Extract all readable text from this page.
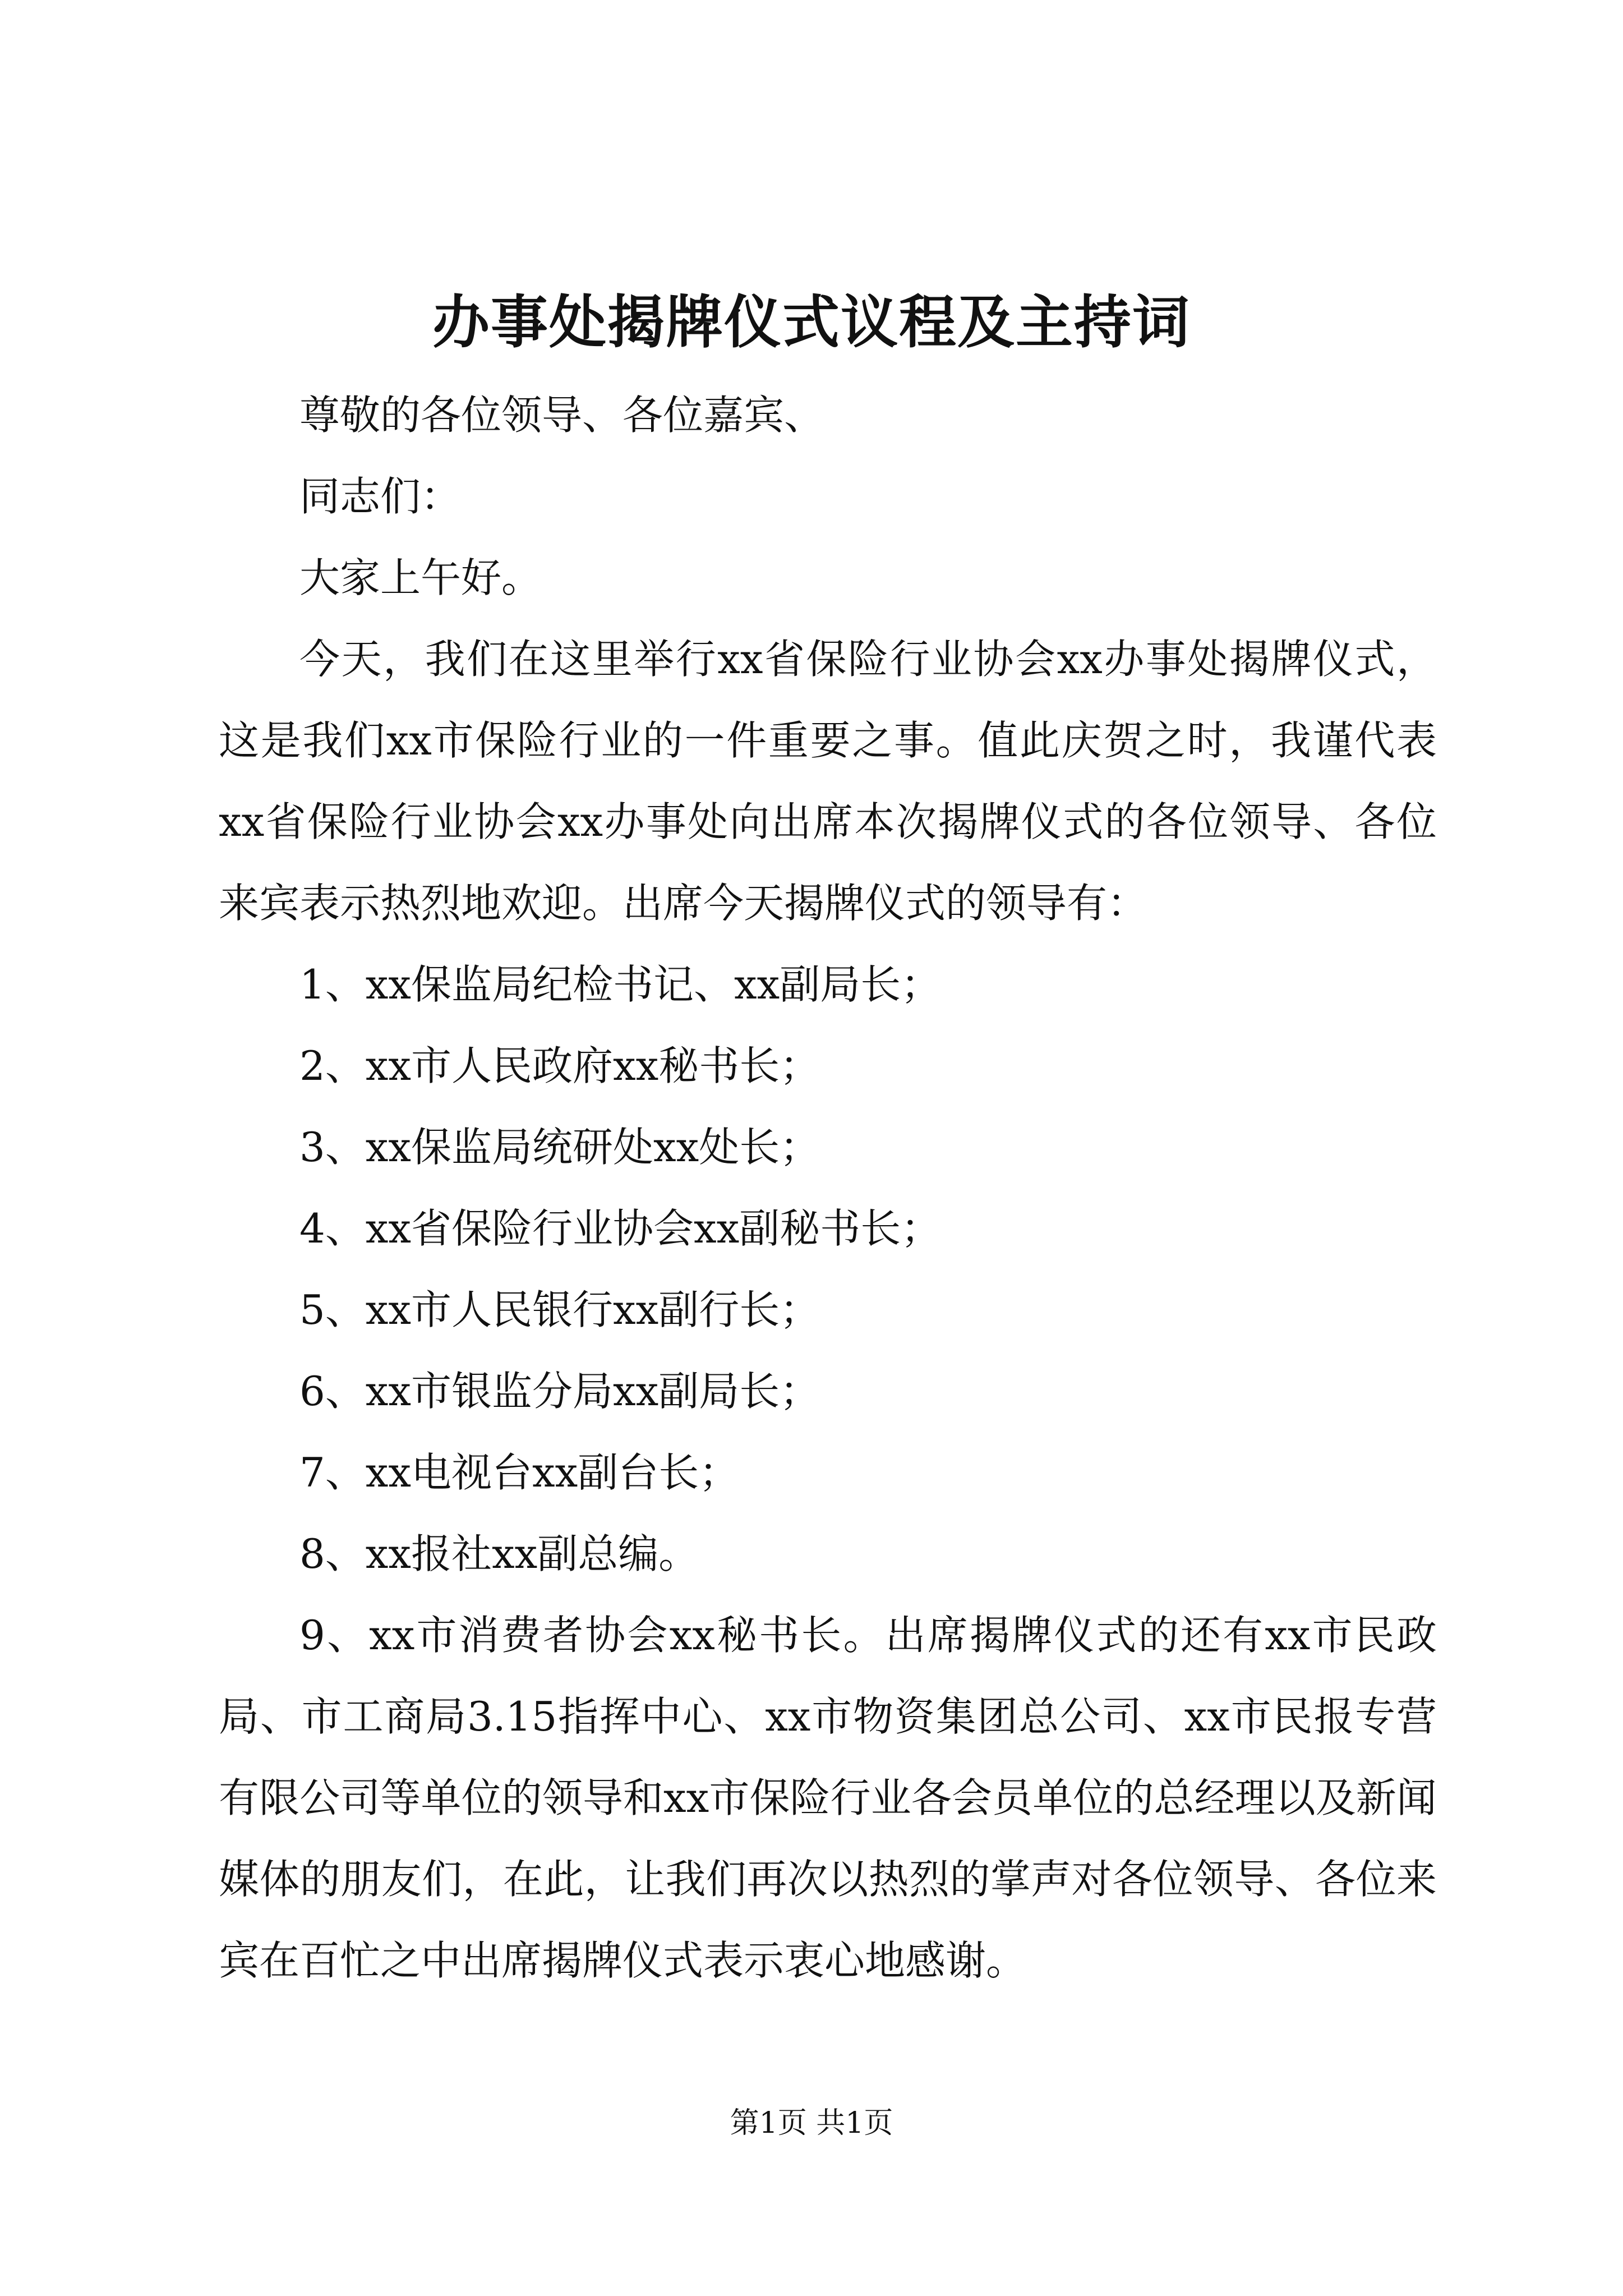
办事处揭牌仪式议程及主持词

尊敬的各位领导、各位嘉宾、

同志们：

大家上午好。

今天，我们在这里举行xx省保险行业协会xx办事处揭牌仪式，这是我们xx市保险行业的一件重要之事。值此庆贺之时，我谨代表xx省保险行业协会xx办事处向出席本次揭牌仪式的各位领导、各位来宾表示热烈地欢迎。出席今天揭牌仪式的领导有：

1、xx保监局纪检书记、xx副局长；

2、xx市人民政府xx秘书长；

3、xx保监局统研处xx处长；

4、xx省保险行业协会xx副秘书长；

5、xx市人民银行xx副行长；

6、xx市银监分局xx副局长；

7、xx电视台xx副台长；

8、xx报社xx副总编。

9、xx市消费者协会xx秘书长。出席揭牌仪式的还有xx市民政局、市工商局3.15指挥中心、xx市物资集团总公司、xx市民报专营有限公司等单位的领导和xx市保险行业各会员单位的总经理以及新闻媒体的朋友们，在此，让我们再次以热烈的掌声对各位领导、各位来宾在百忙之中出席揭牌仪式表示衷心地感谢。

第1页 共1页
